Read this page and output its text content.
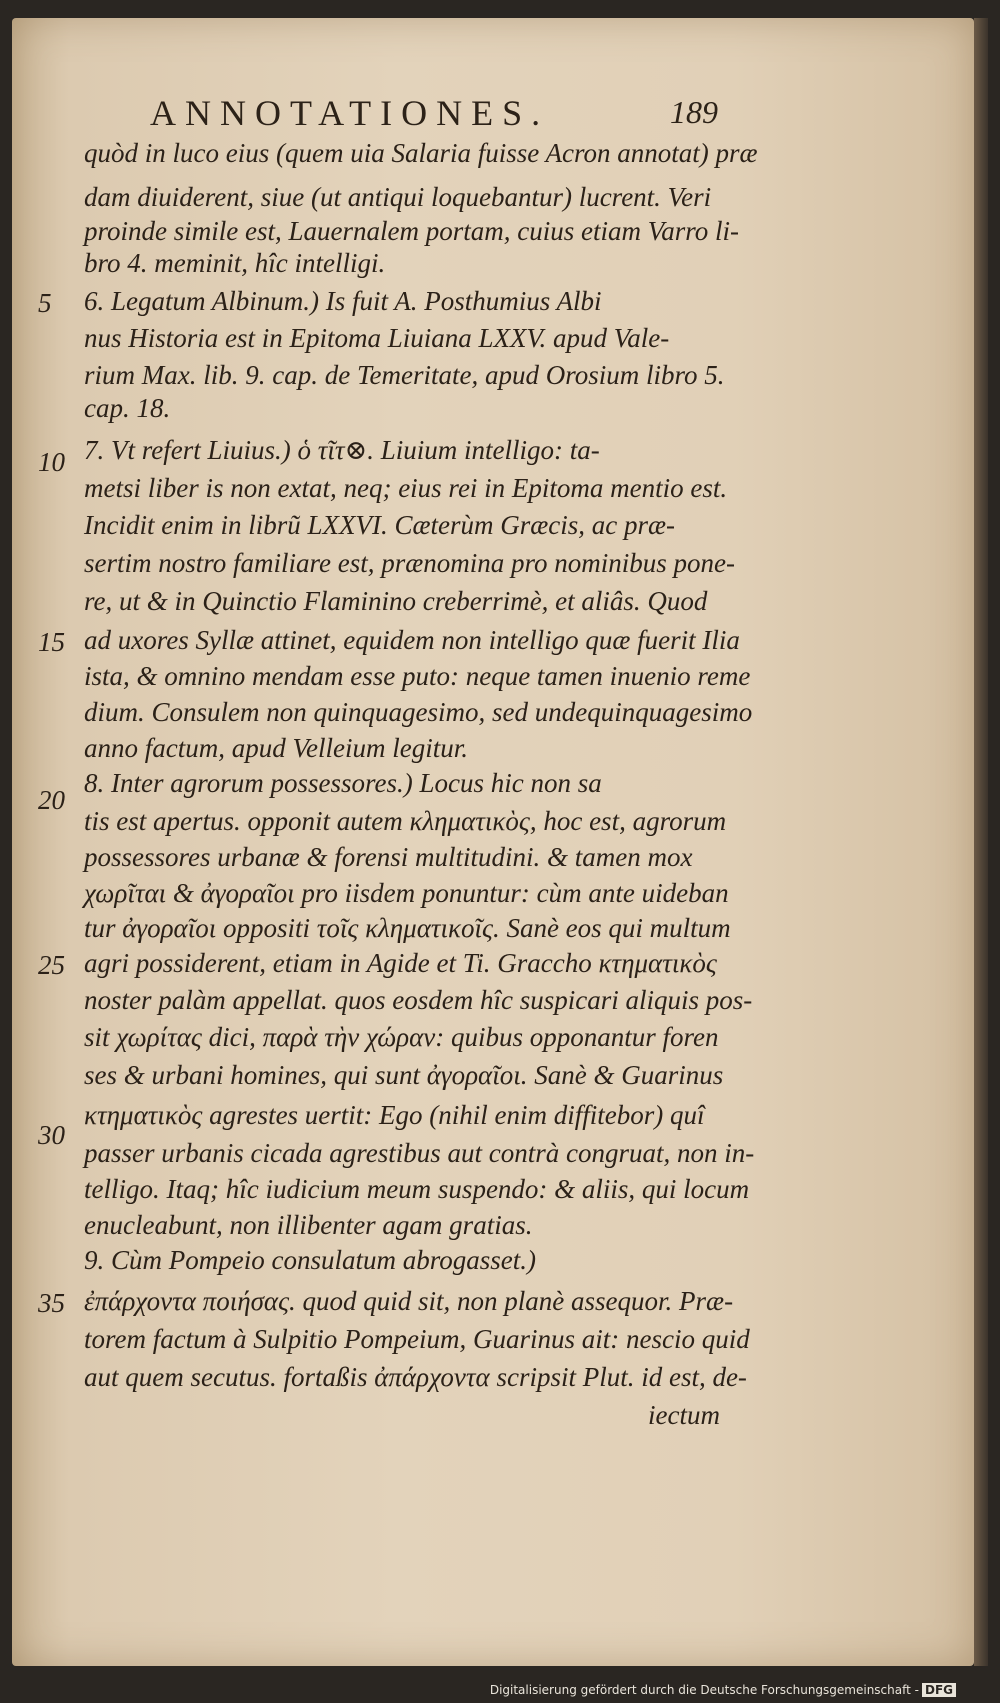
ANNOTATIONES.	189
5
10
15
20
25
30
35
quòd in luco eius (quem uia Salaria fuisse Acron annotat) præ
dam diuiderent, siue (ut antiqui loquebantur) lucrent. Veri
proinde simile est, Lauernalem portam, cuius etiam Varro li-
bro 4. meminit, hîc intelligi.
6. Legatum Albinum.) Is fuit A. Posthumius Albi
nus Historia est in Epitoma Liuiana LXXV. apud Vale-
rium Max. lib. 9. cap. de Temeritate, apud Orosium libro 5.
cap. 18.
7. Vt refert Liuius.) ὁ τῖτ⊗. Liuium intelligo: ta-
metsi liber is non extat, neq; eius rei in Epitoma mentio est.
Incidit enim in librũ LXXVI. Cæterùm Græcis, ac præ-
sertim nostro familiare est, prænomina pro nominibus pone-
re, ut & in Quinctio Flaminino creberrimè, et aliâs. Quod
ad uxores Syllæ attinet, equidem non intelligo quæ fuerit Ilia
ista, & omnino mendam esse puto: neque tamen inuenio reme
dium. Consulem non quinquagesimo, sed undequinquagesimo
anno factum, apud Velleium legitur.
8. Inter agrorum possessores.) Locus hic non sa
tis est apertus. opponit autem κληματικὸς, hoc est, agrorum
possessores urbanæ & forensi multitudini. & tamen mox
χωρῖται & ἀγοραῖοι pro iisdem ponuntur: cùm ante uideban
tur ἀγοραῖοι oppositi τοῖς κληματικοῖς. Sanè eos qui multum
agri possiderent, etiam in Agide et Ti. Graccho κτηματικὸς
noster palàm appellat. quos eosdem hîc suspicari aliquis pos-
sit χωρίτας dici, παρὰ τὴν χώραν: quibus opponantur foren
ses & urbani homines, qui sunt ἀγοραῖοι. Sanè & Guarinus
κτηματικὸς agrestes uertit: Ego (nihil enim diffitebor) quî
passer urbanis cicada agrestibus aut contrà congruat, non in-
telligo. Itaq; hîc iudicium meum suspendo: & aliis, qui locum
enucleabunt, non illibenter agam gratias.
9. Cùm Pompeio consulatum abrogasset.)
ἐπάρχοντα ποιήσας. quod quid sit, non planè assequor. Præ-
torem factum à Sulpitio Pompeium, Guarinus ait: nescio quid
aut quem secutus. fortaßis ἀπάρχοντα scripsit Plut. id est, de-
iectum
Digitalisierung gefördert durch die Deutsche Forschungsgemeinschaft - DFG
